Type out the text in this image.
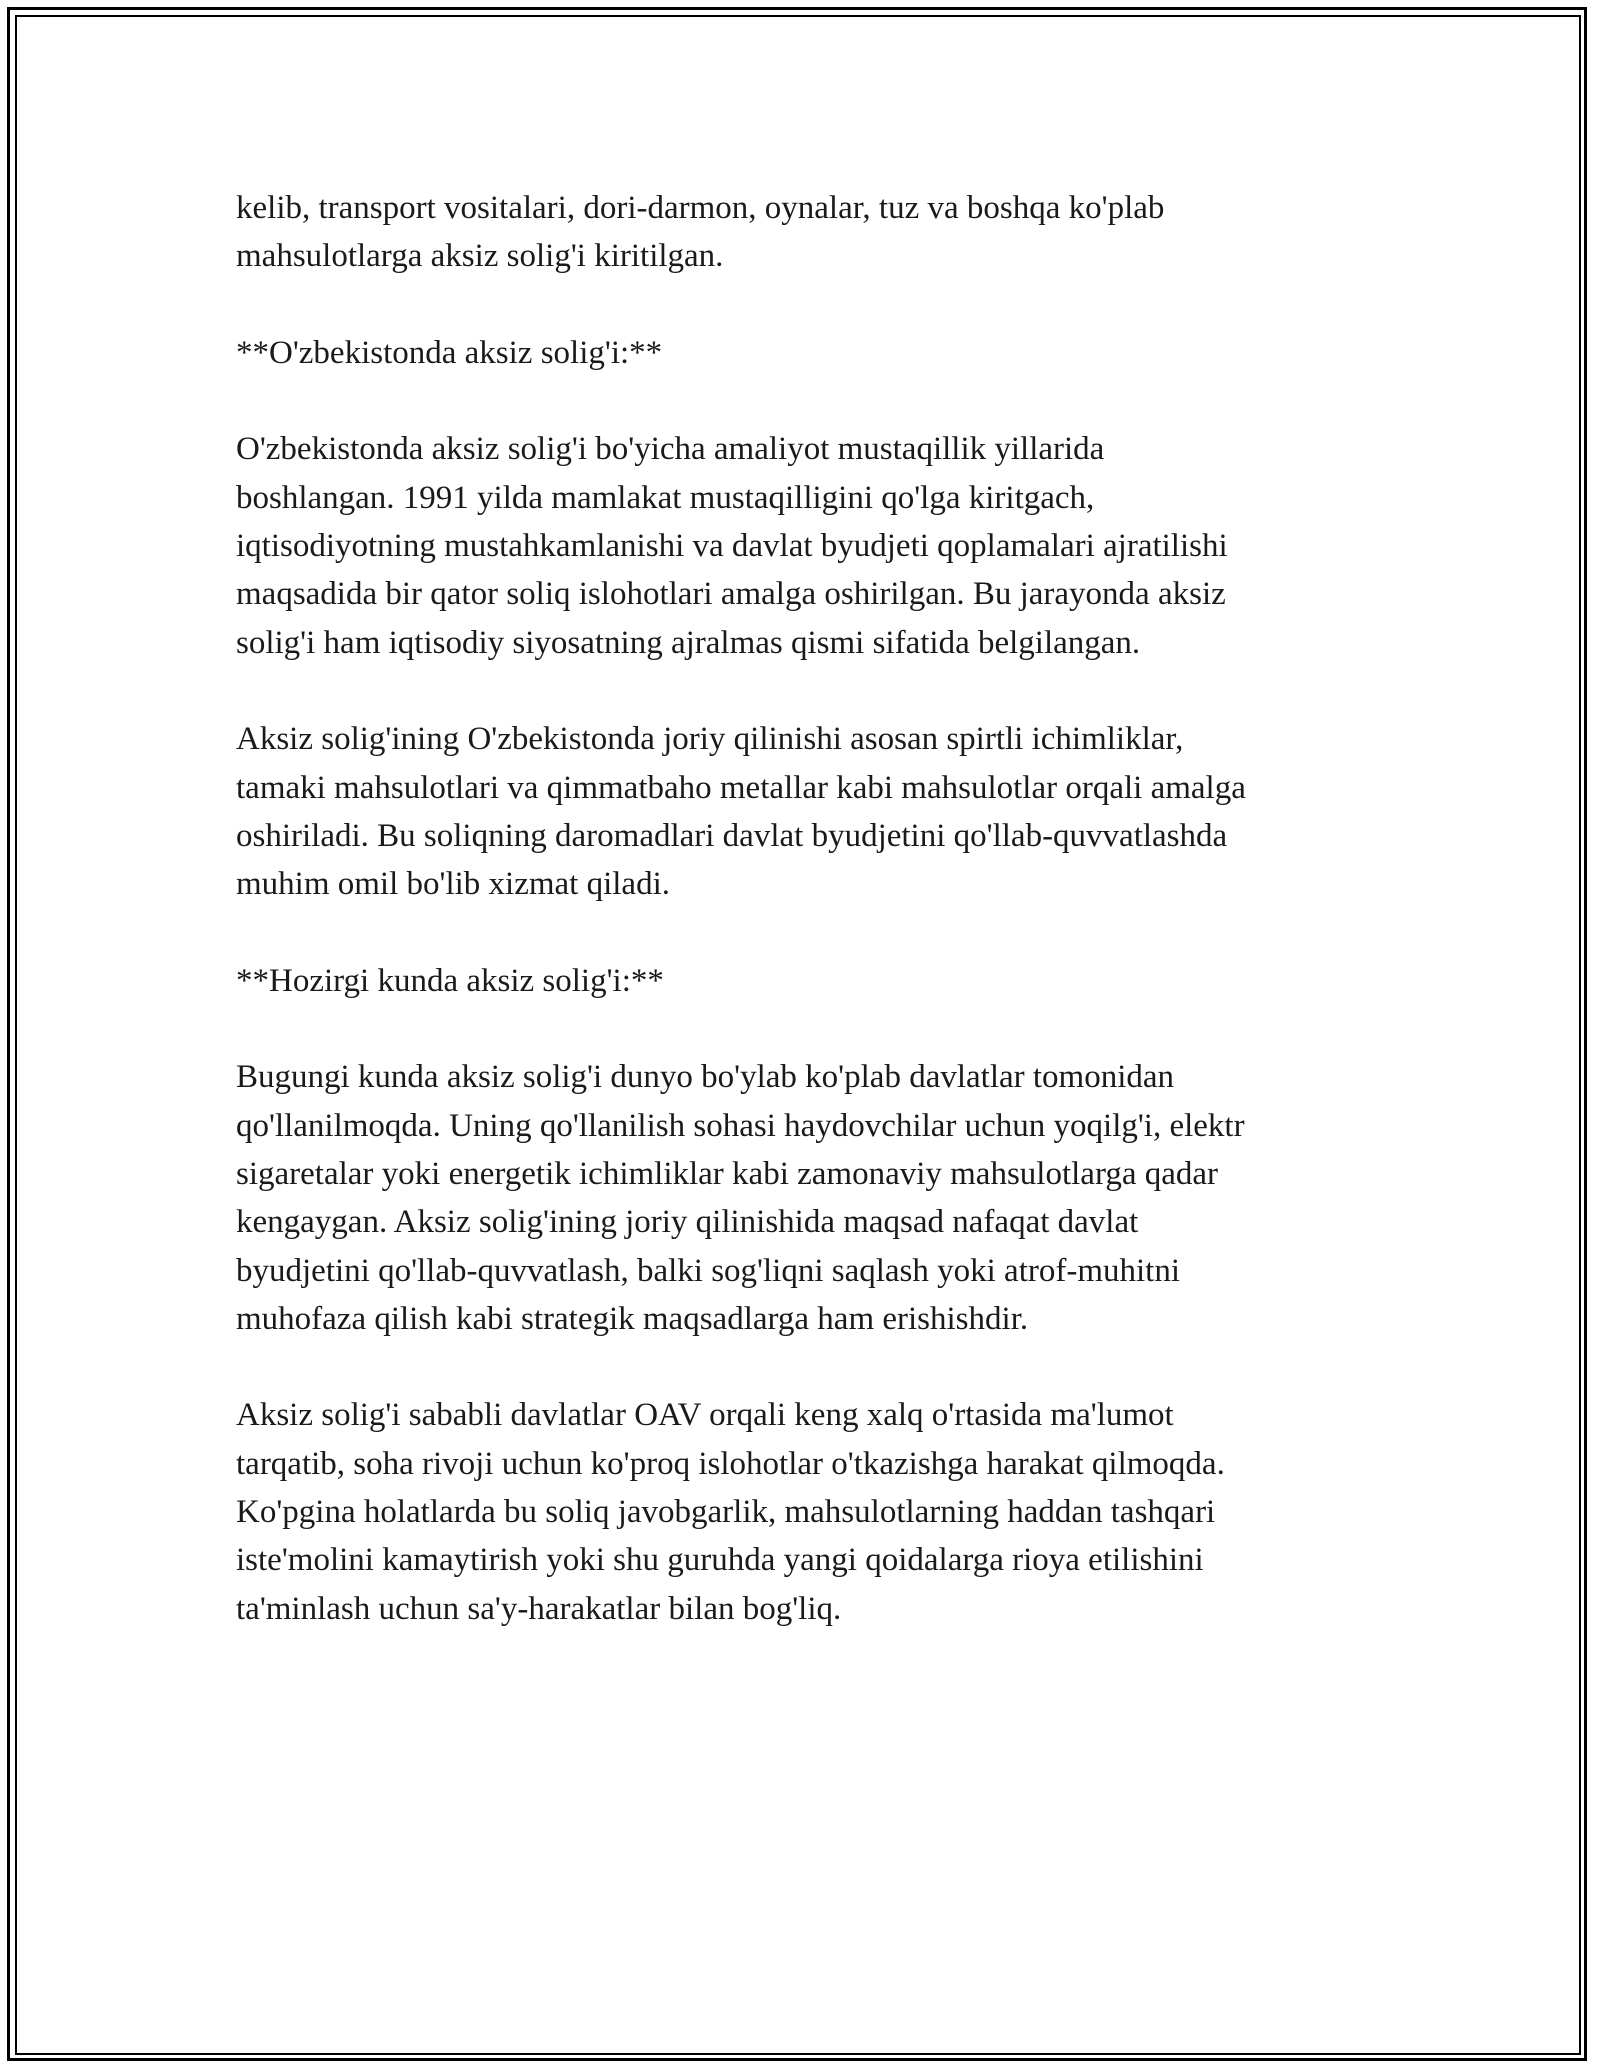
kelib, transport vositalari, dori-darmon, oynalar, tuz va boshqa ko'plab
mahsulotlarga aksiz solig'i kiritilgan.
**O'zbekistonda aksiz solig'i:**
O'zbekistonda aksiz solig'i bo'yicha amaliyot mustaqillik yillarida
boshlangan. 1991 yilda mamlakat mustaqilligini qo'lga kiritgach,
iqtisodiyotning mustahkamlanishi va davlat byudjeti qoplamalari ajratilishi
maqsadida bir qator soliq islohotlari amalga oshirilgan. Bu jarayonda aksiz
solig'i ham iqtisodiy siyosatning ajralmas qismi sifatida belgilangan.
Aksiz solig'ining O'zbekistonda joriy qilinishi asosan spirtli ichimliklar,
tamaki mahsulotlari va qimmatbaho metallar kabi mahsulotlar orqali amalga
oshiriladi. Bu soliqning daromadlari davlat byudjetini qo'llab-quvvatlashda
muhim omil bo'lib xizmat qiladi.
**Hozirgi kunda aksiz solig'i:**
Bugungi kunda aksiz solig'i dunyo bo'ylab ko'plab davlatlar tomonidan
qo'llanilmoqda. Uning qo'llanilish sohasi haydovchilar uchun yoqilg'i, elektr
sigaretalar yoki energetik ichimliklar kabi zamonaviy mahsulotlarga qadar
kengaygan. Aksiz solig'ining joriy qilinishida maqsad nafaqat davlat
byudjetini qo'llab-quvvatlash, balki sog'liqni saqlash yoki atrof-muhitni
muhofaza qilish kabi strategik maqsadlarga ham erishishdir.
Aksiz solig'i sababli davlatlar OAV orqali keng xalq o'rtasida ma'lumot
tarqatib, soha rivoji uchun ko'proq islohotlar o'tkazishga harakat qilmoqda.
Ko'pgina holatlarda bu soliq javobgarlik, mahsulotlarning haddan tashqari
iste'molini kamaytirish yoki shu guruhda yangi qoidalarga rioya etilishini
ta'minlash uchun sa'y-harakatlar bilan bog'liq.
